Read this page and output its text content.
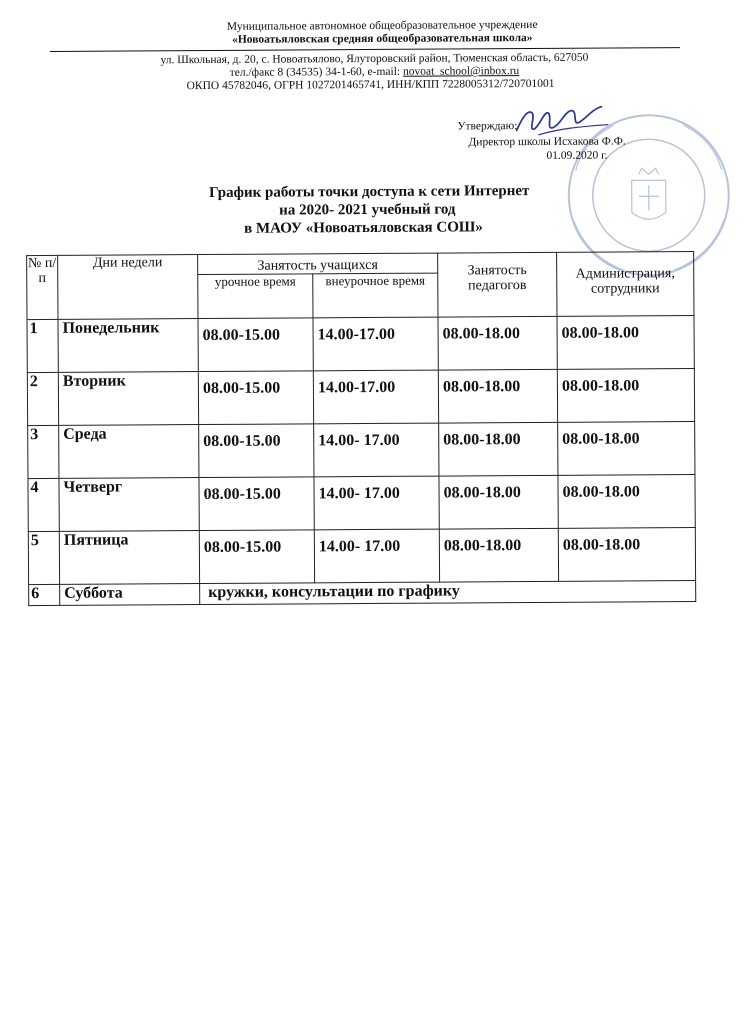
Муниципальное автономное общеобразовательное учреждение
«Новоатьяловская средняя общеобразовательная школа»
ул. Школьная, д. 20, с. Новоатьялово, Ялуторовский район, Тюменская область, 627050
тел./факс 8 (34535) 34-1-60, e-mail: novoat_school@inbox.ru
ОКПО 45782046, ОГРН 1027201465741, ИНН/КПП 7228005312/720701001
Утверждаю:
Директор школы Исхакова Ф.Ф.
01.09.2020 г.
График работы точки доступа к сети Интернет
на 2020- 2021 учебный год
в МАОУ «Новоатьяловская СОШ»
№ п/п	Дни недели	Занятость учащихся		Занятость педагогов	Администрация, сотрудники
		урочное время	внеурочное время		
1	Понедельник	08.00-15.00	14.00-17.00	08.00-18.00	08.00-18.00
2	Вторник	08.00-15.00	14.00-17.00	08.00-18.00	08.00-18.00
3	Среда	08.00-15.00	14.00- 17.00	08.00-18.00	08.00-18.00
4	Четверг	08.00-15.00	14.00- 17.00	08.00-18.00	08.00-18.00
5	Пятница	08.00-15.00	14.00- 17.00	08.00-18.00	08.00-18.00
6	Суббота	кружки, консультации по графику			
